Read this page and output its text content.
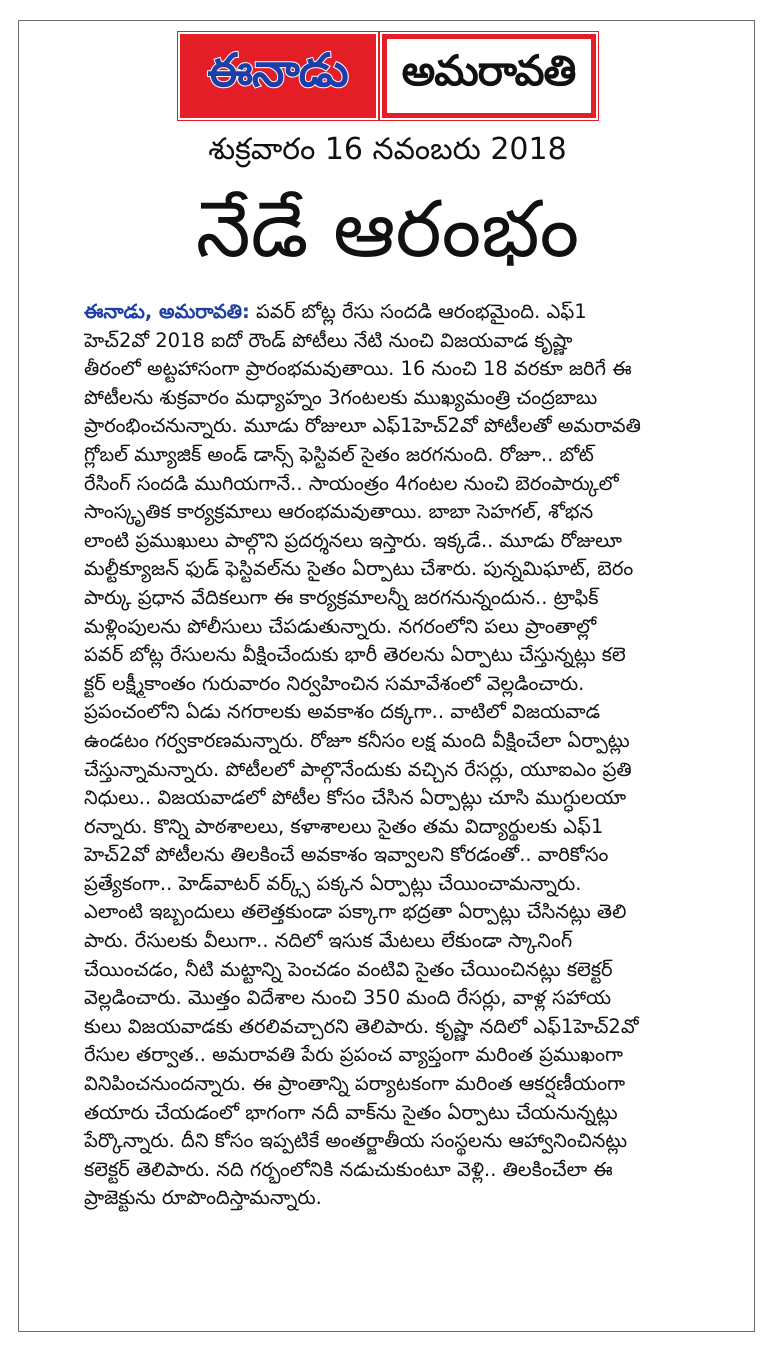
ఈనాడు అమరావతి
శుక్రవారం 16 నవంబరు 2018
నేడే ఆరంభం
ఈనాడు, అమరావతి: పవర్ బోట్ల రేసు సందడి ఆరంభమైంది. ఎఫ్1
హెచ్2వో 2018 ఐదో రౌండ్ పోటీలు నేటి నుంచి విజయవాడ కృష్ణా
తీరంలో అట్టహాసంగా ప్రారంభమవుతాయి. 16 నుంచి 18 వరకూ జరిగే ఈ
పోటీలను శుక్రవారం మధ్యాహ్నం 3గంటలకు ముఖ్యమంత్రి చంద్రబాబు
ప్రారంభించనున్నారు. మూడు రోజులూ ఎఫ్1హెచ్2వో పోటీలతో అమరావతి
గ్లోబల్ మ్యూజిక్ అండ్ డాన్స్ ఫెస్టివల్ సైతం జరగనుంది. రోజూ.. బోట్
రేసింగ్ సందడి ముగియగానే.. సాయంత్రం 4గంటల నుంచి బెరంపార్కులో
సాంస్కృతిక కార్యక్రమాలు ఆరంభమవుతాయి. బాబా సెహగల్, శోభన
లాంటి ప్రముఖులు పాల్గొని ప్రదర్శనలు ఇస్తారు. ఇక్కడే.. మూడు రోజులూ
మల్టీక్యూజన్ ఫుడ్ ఫెస్టివల్‌ను సైతం ఏర్పాటు చేశారు. పున్నమిఘాట్, బెరం
పార్కు ప్రధాన వేదికలుగా ఈ కార్యక్రమాలన్నీ జరగనున్నందున.. ట్రాఫిక్
మళ్లింపులను పోలీసులు చేపడుతున్నారు. నగరంలోని పలు ప్రాంతాల్లో
పవర్ బోట్ల రేసులను వీక్షించేందుకు భారీ తెరలను ఏర్పాటు చేస్తున్నట్లు కలె
క్టర్ లక్ష్మీకాంతం గురువారం నిర్వహించిన సమావేశంలో వెల్లడించారు.
ప్రపంచంలోని ఏడు నగరాలకు అవకాశం దక్కగా.. వాటిలో విజయవాడ
ఉండటం గర్వకారణమన్నారు. రోజూ కనీసం లక్ష మంది వీక్షించేలా ఏర్పాట్లు
చేస్తున్నామన్నారు. పోటీలలో పాల్గొనేందుకు వచ్చిన రేసర్లు, యూఐఎం ప్రతి
నిధులు.. విజయవాడలో పోటీల కోసం చేసిన ఏర్పాట్లు చూసి ముగ్ధులయా
రన్నారు. కొన్ని పాఠశాలలు, కళాశాలలు సైతం తమ విద్యార్థులకు ఎఫ్1
హెచ్2వో పోటీలను తిలకించే అవకాశం ఇవ్వాలని కోరడంతో.. వారికోసం
ప్రత్యేకంగా.. హెడ్‌వాటర్ వర్క్స్ పక్కన ఏర్పాట్లు చేయించామన్నారు.
ఎలాంటి ఇబ్బందులు తలెత్తకుండా పక్కాగా భద్రతా ఏర్పాట్లు చేసినట్లు తెలి
పారు. రేసులకు వీలుగా.. నదిలో ఇసుక మేటలు లేకుండా స్కానింగ్
చేయించడం, నీటి మట్టాన్ని పెంచడం వంటివి సైతం చేయించినట్లు కలెక్టర్
వెల్లడించారు. మొత్తం విదేశాల నుంచి 350 మంది రేసర్లు, వాళ్ల సహాయ
కులు విజయవాడకు తరలివచ్చారని తెలిపారు. కృష్ణా నదిలో ఎఫ్1హెచ్2వో
రేసుల తర్వాత.. అమరావతి పేరు ప్రపంచ వ్యాప్తంగా మరింత ప్రముఖంగా
వినిపించనుందన్నారు. ఈ ప్రాంతాన్ని పర్యాటకంగా మరింత ఆకర్షణీయంగా
తయారు చేయడంలో భాగంగా నదీ వాక్‌ను సైతం ఏర్పాటు చేయనున్నట్లు
పేర్కొన్నారు. దీని కోసం ఇప్పటికే అంతర్జాతీయ సంస్థలను ఆహ్వానించినట్లు
కలెక్టర్ తెలిపారు. నది గర్భంలోనికి నడుచుకుంటూ వెళ్లి.. తిలకించేలా ఈ
ప్రాజెక్టును రూపొందిస్తామన్నారు.
